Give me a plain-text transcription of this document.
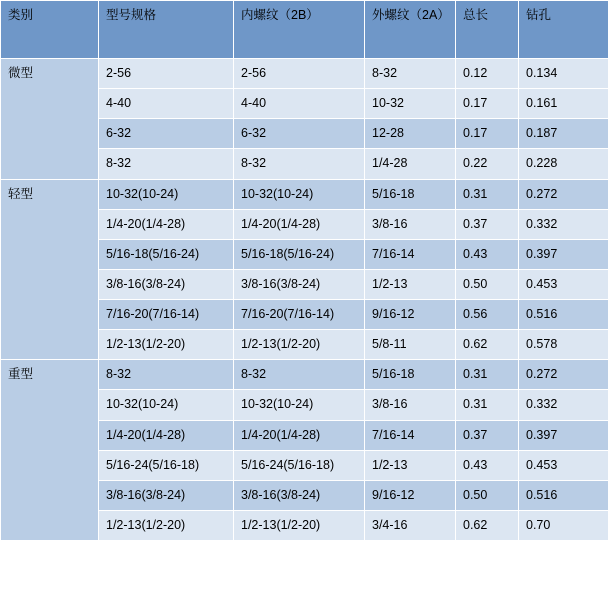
类别	型号规格	内螺纹（2B）	外螺纹（2A）	总长	钻孔
微型	2-56	2-56	8-32	0.12	0.134
	4-40	4-40	10-32	0.17	0.161
	6-32	6-32	12-28	0.17	0.187
	8-32	8-32	1/4-28	0.22	0.228
轻型	10-32(10-24)	10-32(10-24)	5/16-18	0.31	0.272
	1/4-20(1/4-28)	1/4-20(1/4-28)	3/8-16	0.37	0.332
	5/16-18(5/16-24)	5/16-18(5/16-24)	7/16-14	0.43	0.397
	3/8-16(3/8-24)	3/8-16(3/8-24)	1/2-13	0.50	0.453
	7/16-20(7/16-14)	7/16-20(7/16-14)	9/16-12	0.56	0.516
	1/2-13(1/2-20)	1/2-13(1/2-20)	5/8-11	0.62	0.578
重型	8-32	8-32	5/16-18	0.31	0.272
	10-32(10-24)	10-32(10-24)	3/8-16	0.31	0.332
	1/4-20(1/4-28)	1/4-20(1/4-28)	7/16-14	0.37	0.397
	5/16-24(5/16-18)	5/16-24(5/16-18)	1/2-13	0.43	0.453
	3/8-16(3/8-24)	3/8-16(3/8-24)	9/16-12	0.50	0.516
	1/2-13(1/2-20)	1/2-13(1/2-20)	3/4-16	0.62	0.70
